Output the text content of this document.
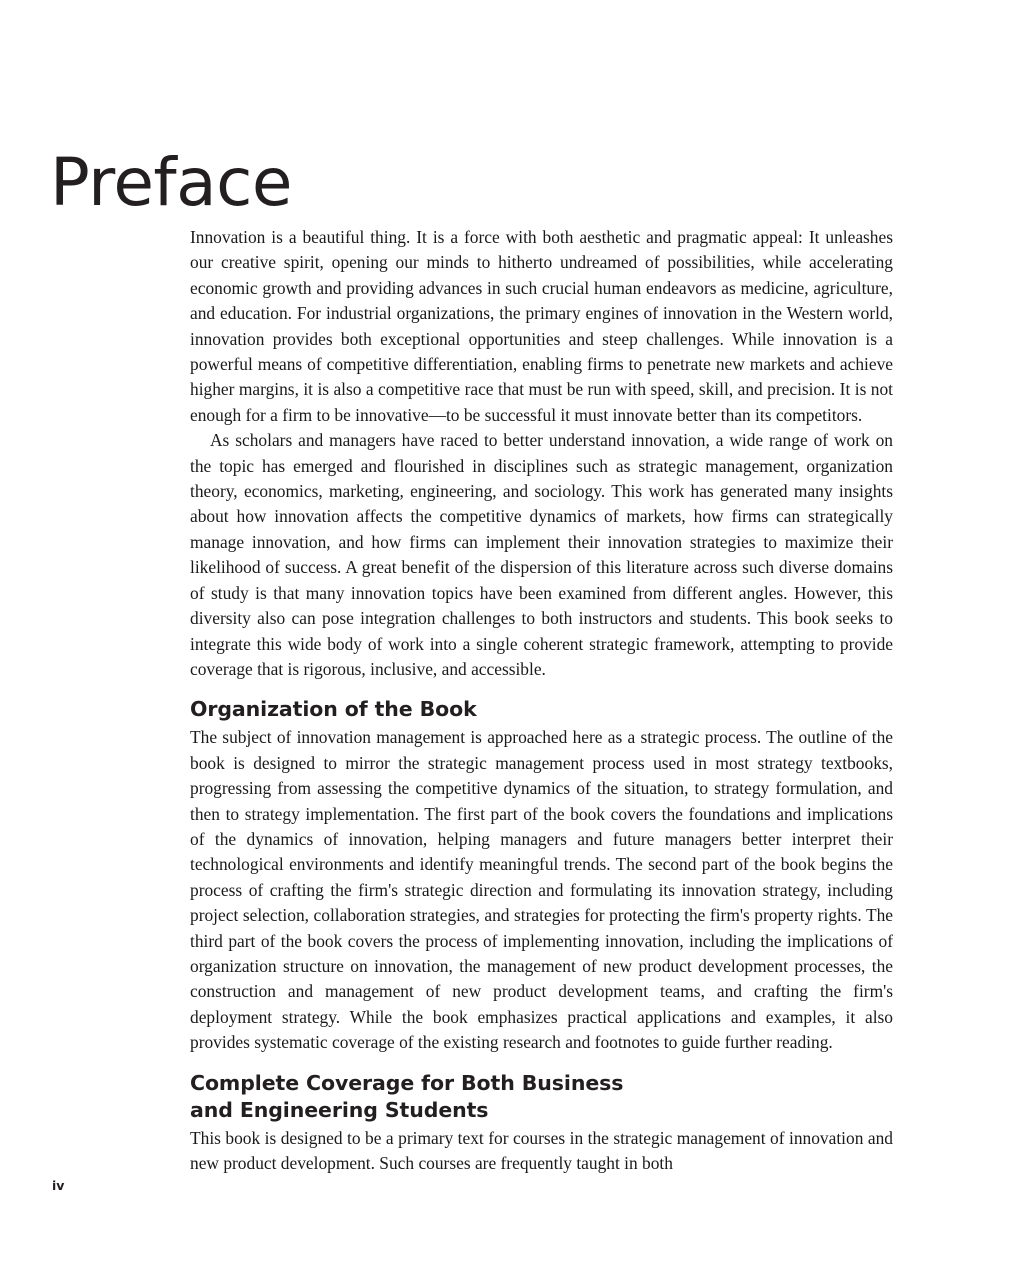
Preface

Innovation is a beautiful thing. It is a force with both aesthetic and pragmatic appeal: It unleashes our creative spirit, opening our minds to hitherto undreamed of possibilities, while accelerating economic growth and providing advances in such crucial human endeavors as medicine, agriculture, and education. For industrial organizations, the primary engines of innovation in the Western world, innovation provides both exceptional opportunities and steep challenges. While innovation is a powerful means of competitive differentiation, enabling firms to penetrate new markets and achieve higher margins, it is also a competitive race that must be run with speed, skill, and precision. It is not enough for a firm to be innovative—to be successful it must innovate better than its competitors.

As scholars and managers have raced to better understand innovation, a wide range of work on the topic has emerged and flourished in disciplines such as strategic management, organization theory, economics, marketing, engineering, and sociology. This work has generated many insights about how innovation affects the competitive dynamics of markets, how firms can strategically manage innovation, and how firms can implement their innovation strategies to maximize their likelihood of success. A great benefit of the dispersion of this literature across such diverse domains of study is that many innovation topics have been examined from different angles. However, this diversity also can pose integration challenges to both instructors and students. This book seeks to integrate this wide body of work into a single coherent strategic framework, attempting to provide coverage that is rigorous, inclusive, and accessible.

Organization of the Book

The subject of innovation management is approached here as a strategic process. The outline of the book is designed to mirror the strategic management process used in most strategy textbooks, progressing from assessing the competitive dynamics of the situation, to strategy formulation, and then to strategy implementation. The first part of the book covers the foundations and implications of the dynamics of innovation, helping managers and future managers better interpret their technological environments and identify meaningful trends. The second part of the book begins the process of crafting the firm's strategic direction and formulating its innovation strategy, including project selection, collaboration strategies, and strategies for protecting the firm's property rights. The third part of the book covers the process of implementing innovation, including the implications of organization structure on innovation, the management of new product development processes, the construction and management of new product development teams, and crafting the firm's deployment strategy. While the book emphasizes practical applications and examples, it also provides systematic coverage of the existing research and footnotes to guide further reading.

Complete Coverage for Both Business
and Engineering Students

This book is designed to be a primary text for courses in the strategic management of innovation and new product development. Such courses are frequently taught in both

iv
